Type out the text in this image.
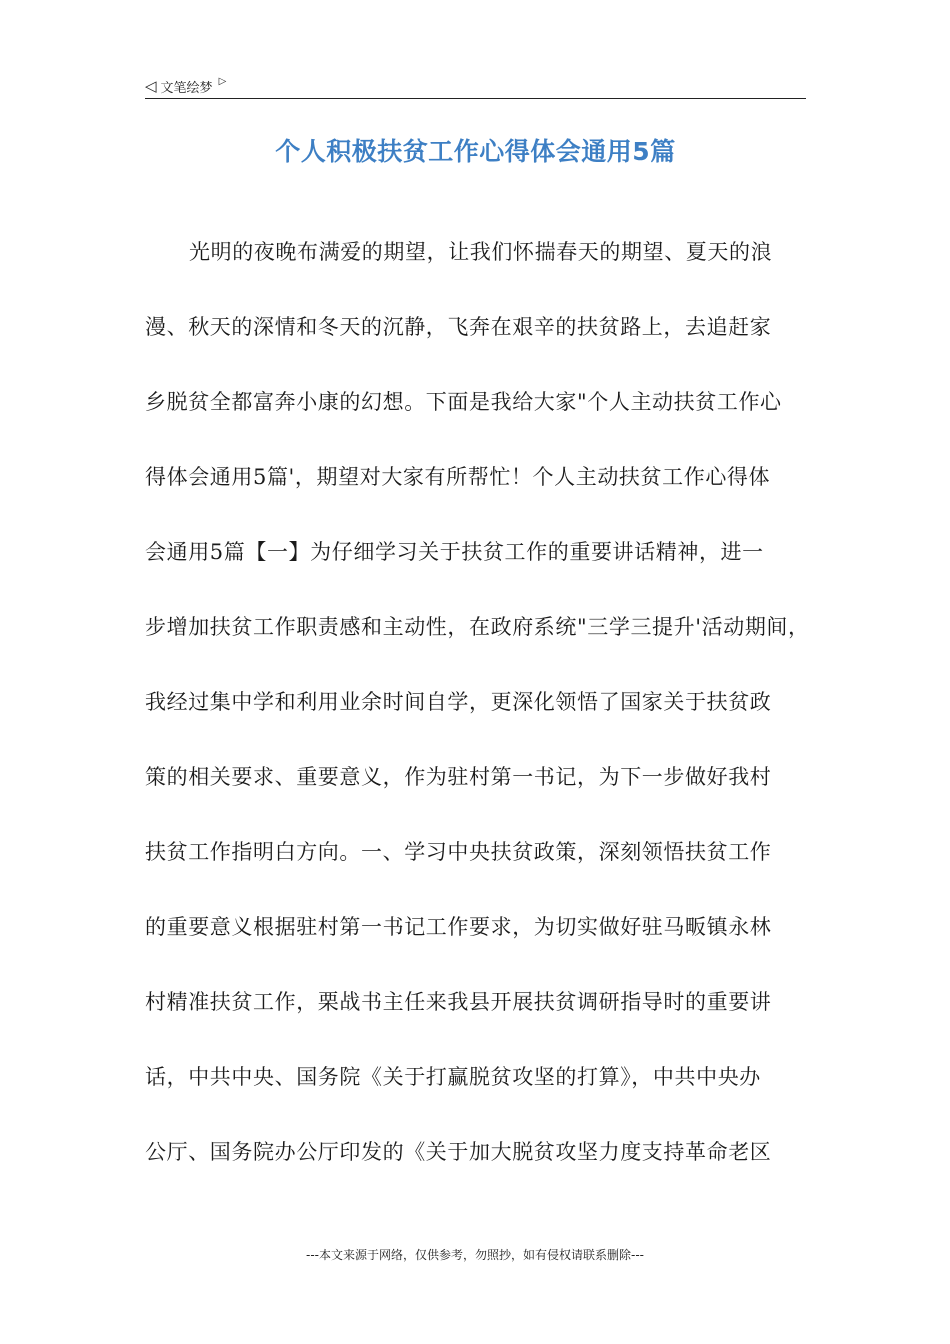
◁ 文笔绘梦 ▷
个人积极扶贫工作心得体会通用5篇
光明的夜晚布满爱的期望，让我们怀揣春天的期望、夏天的浪
漫、秋天的深情和冬天的沉静，飞奔在艰辛的扶贫路上，去追赶家
乡脱贫全都富奔小康的幻想。下面是我给大家"个人主动扶贫工作心
得体会通用5篇'，期望对大家有所帮忙！个人主动扶贫工作心得体
会通用5篇【一】为仔细学习关于扶贫工作的重要讲话精神，进一
步增加扶贫工作职责感和主动性，在政府系统"三学三提升'活动期间，
我经过集中学和利用业余时间自学，更深化领悟了国家关于扶贫政
策的相关要求、重要意义，作为驻村第一书记，为下一步做好我村
扶贫工作指明白方向。一、学习中央扶贫政策，深刻领悟扶贫工作
的重要意义根据驻村第一书记工作要求，为切实做好驻马畈镇永林
村精准扶贫工作，栗战书主任来我县开展扶贫调研指导时的重要讲
话，中共中央、国务院《关于打赢脱贫攻坚的打算》，中共中央办
公厅、国务院办公厅印发的《关于加大脱贫攻坚力度支持革命老区
---本文来源于网络，仅供参考，勿照抄，如有侵权请联系删除---
